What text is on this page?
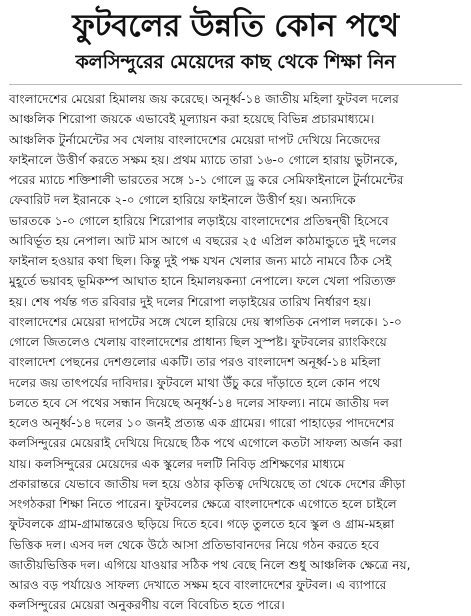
ফুটবলের উন্নতি কোন পথে
কলসিন্দুরের মেয়েদের কাছ থেকে শিক্ষা নিন
বাংলাদেশের মেয়েরা হিমালয় জয় করেছে। অনূর্ধ্ব-১৪ জাতীয় মহিলা ফুটবল দলের
আঞ্চলিক শিরোপা জয়কে এভাবেই মূল্যায়ন করা হয়েছে বিভিন্ন প্রচারমাধ্যমে।
আঞ্চলিক টুর্নামেন্টের সব খেলায় বাংলাদেশের মেয়েরা দাপট দেখিয়ে নিজেদের
ফাইনালে উত্তীর্ণ করতে সক্ষম হয়। প্রথম ম্যাচে তারা ১৬-০ গোলে হারায় ভুটানকে,
পরের ম্যাচে শক্তিশালী ভারতের সঙ্গে ১-১ গোলে ড্র করে সেমিফাইনালে টুর্নামেন্টের
ফেবারিট দল ইরানকে ২-০ গোলে হারিয়ে ফাইনালে উত্তীর্ণ হয়। অন্যদিকে
ভারতকে ১-০ গোলে হারিয়ে শিরোপার লড়াইয়ে বাংলাদেশের প্রতিদ্বন্দ্বী হিসেবে
আবির্ভূত হয় নেপাল। আট মাস আগে এ বছরের ২৫ এপ্রিল কাঠমান্ডুতে দুই দলের
ফাইনাল হওয়ার কথা ছিল। কিন্তু দুই পক্ষ যখন খেলার জন্য মাঠে নামবে ঠিক সেই
মুহূর্তে ভয়াবহ ভূমিকম্প আঘাত হানে হিমালয়কন্যা নেপালে। ফলে খেলা পরিত্যক্ত
হয়। শেষ পর্যন্ত গত রবিবার দুই দলের শিরোপা লড়াইয়ের তারিখ নির্ধারণ হয়।
বাংলাদেশের মেয়েরা দাপটের সঙ্গে খেলে হারিয়ে দেয় স্বাগতিক নেপাল দলকে। ১-০
গোলে জিতলেও খেলায় বাংলাদেশের প্রাধান্য ছিল সুস্পষ্ট। ফুটবলের র‍্যাংকিংয়ে
বাংলাদেশ পেছনের দেশগুলোর একটি। তার পরও বাংলাদেশ অনূর্ধ্ব-১৪ মহিলা
দলের জয় তাৎপর্যের দাবিদার। ফুটবলে মাথা উঁচু করে দাঁড়াতে হলে কোন পথে
চলতে হবে সে পথের সন্ধান দিয়েছে অনূর্ধ্ব-১৪ দলের সাফল্য। নামে জাতীয় দল
হলেও অনূর্ধ্ব-১৪ দলের ১০ জনই প্রত্যন্ত এক গ্রামের। গারো পাহাড়ের পাদদেশের
কলসিন্দুরের মেয়েরাই দেখিয়ে দিয়েছে ঠিক পথে এগোলে কতটা সাফল্য অর্জন করা
যায়। কলসিন্দুরের মেয়েদের এক স্কুলের দলটি নিবিড় প্রশিক্ষণের মাধ্যমে
প্রকারান্তরে যেভাবে জাতীয় দল হয়ে ওঠার কৃতিত্ব দেখিয়েছে তা থেকে দেশের ক্রীড়া
সংগঠকরা শিক্ষা নিতে পারেন। ফুটবলের ক্ষেত্রে বাংলাদেশকে এগোতে হলে চাইলে
ফুটবলকে গ্রাম-গ্রামান্তরেও ছড়িয়ে দিতে হবে। গড়ে তুলতে হবে স্কুল ও গ্রাম-মহল্লা
ভিত্তিক দল। এসব দল থেকে উঠে আসা প্রতিভাবানদের নিয়ে গঠন করতে হবে
জাতীয়ভিত্তিক দল। এগিয়ে যাওয়ার সঠিক পথ বেছে নিলে শুধু আঞ্চলিক ক্ষেত্রে নয়,
আরও বড় পর্যায়েও সাফল্য দেখাতে সক্ষম হবে বাংলাদেশের ফুটবল। এ ব্যাপারে
কলসিন্দুরের মেয়েরা অনুকরণীয় বলে বিবেচিত হতে পারে।
